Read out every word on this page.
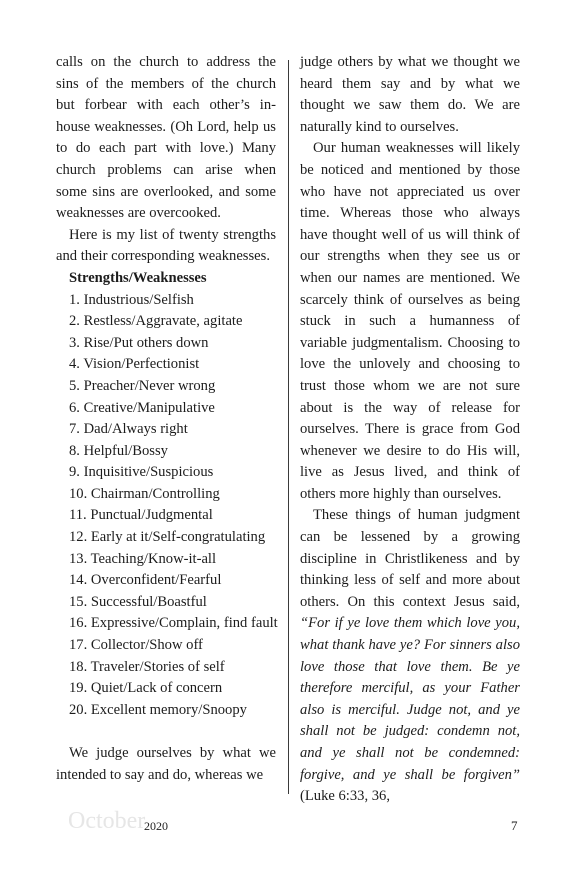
calls on the church to address the sins of the members of the church but forbear with each other’s in-house weaknesses. (Oh Lord, help us to do each part with love.) Many church problems can arise when some sins are overlooked, and some weaknesses are overcooked.

Here is my list of twenty strengths and their corresponding weaknesses.

Strengths/Weaknesses
1. Industrious/Selfish
2. Restless/Aggravate, agitate
3. Rise/Put others down
4. Vision/Perfectionist
5. Preacher/Never wrong
6. Creative/Manipulative
7. Dad/Always right
8. Helpful/Bossy
9. Inquisitive/Suspicious
10. Chairman/Controlling
11. Punctual/Judgmental
12. Early at it/Self-congratulating
13. Teaching/Know-it-all
14. Overconfident/Fearful
15. Successful/Boastful
16. Expressive/Complain, find fault
17. Collector/Show off
18. Traveler/Stories of self
19. Quiet/Lack of concern
20. Excellent memory/Snoopy

We judge ourselves by what we intended to say and do, whereas we

judge others by what we thought we heard them say and by what we thought we saw them do. We are naturally kind to ourselves.

Our human weaknesses will likely be noticed and mentioned by those who have not appreciated us over time. Whereas those who always have thought well of us will think of our strengths when they see us or when our names are mentioned. We scarcely think of ourselves as being stuck in such a humanness of variable judgmentalism. Choosing to love the unlovely and choosing to trust those whom we are not sure about is the way of release for ourselves. There is grace from God whenever we desire to do His will, live as Jesus lived, and think of others more highly than ourselves.

These things of human judgment can be lessened by a growing discipline in Christlikeness and by thinking less of self and more about others. On this context Jesus said, “For if ye love them which love you, what thank have ye? For sinners also love those that love them. Be ye therefore merciful, as your Father also is merciful. Judge not, and ye shall not be judged: condemn not, and ye shall not be condemned: forgive, and ye shall be forgiven” (Luke 6:33, 36,

October
2020	7
